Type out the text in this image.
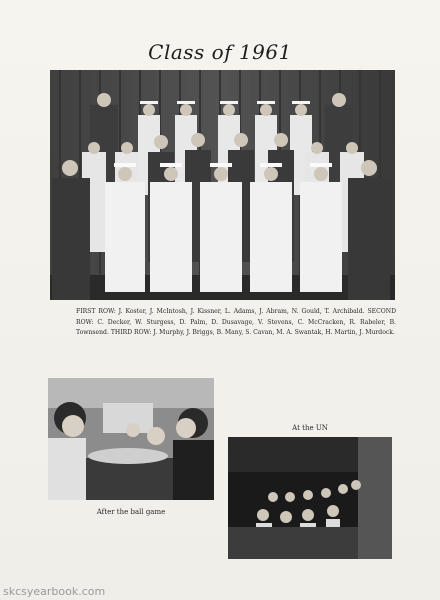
Class of 1961
FIRST ROW: J. Koster, J. McIntosh, J. Kissner, L. Adams, J. Abram, N. Gould, T. Archibald. SECOND ROW: C. Decker, W. Sturgess, D. Palm, D. Dusavage, V. Stevens, C. McCracken, R. Rabeler, B. Townsend. THIRD ROW: J. Murphy, J. Briggs, B. Many, S. Cavan, M. A. Swantak, H. Martin, J. Murdock.
After the ball game
At the UN
skcsyearbook.com
